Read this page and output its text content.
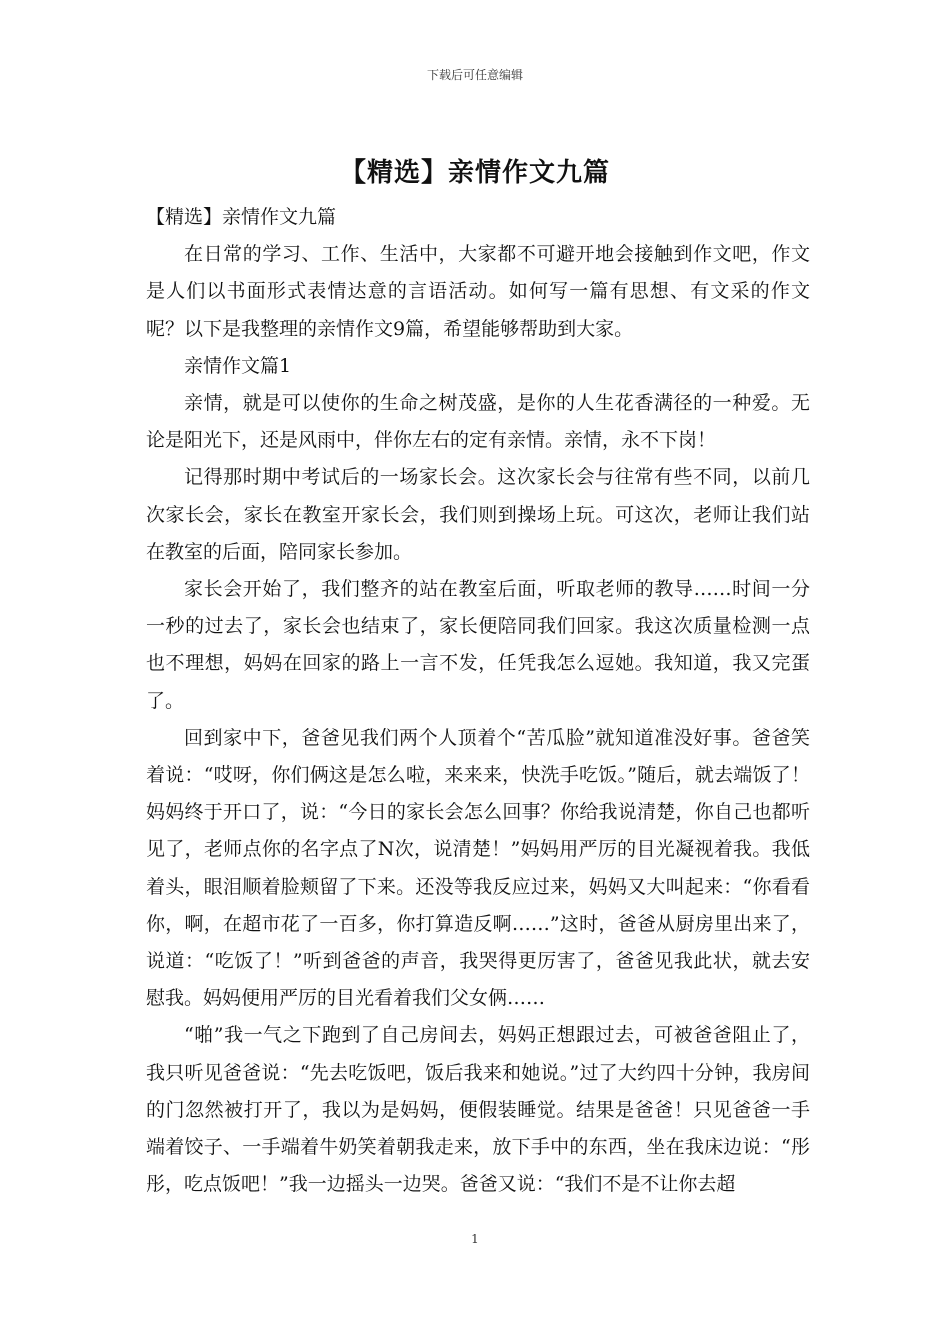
下载后可任意编辑
【精选】亲情作文九篇

【精选】亲情作文九篇

在日常的学习、工作、生活中，大家都不可避开地会接触到作文吧，作文是人们以书面形式表情达意的言语活动。如何写一篇有思想、有文采的作文呢？以下是我整理的亲情作文9篇，希望能够帮助到大家。

亲情作文篇1

亲情，就是可以使你的生命之树茂盛，是你的人生花香满径的一种爱。无论是阳光下，还是风雨中，伴你左右的定有亲情。亲情，永不下岗！

记得那时期中考试后的一场家长会。这次家长会与往常有些不同，以前几次家长会，家长在教室开家长会，我们则到操场上玩。可这次，老师让我们站在教室的后面，陪同家长参加。

家长会开始了，我们整齐的站在教室后面，听取老师的教导……时间一分一秒的过去了，家长会也结束了，家长便陪同我们回家。我这次质量检测一点也不理想，妈妈在回家的路上一言不发，任凭我怎么逗她。我知道，我又完蛋了。

回到家中下，爸爸见我们两个人顶着个“苦瓜脸”就知道准没好事。爸爸笑着说：“哎呀，你们俩这是怎么啦，来来来，快洗手吃饭。”随后，就去端饭了！妈妈终于开口了，说：“今日的家长会怎么回事？你给我说清楚，你自己也都听见了，老师点你的名字点了N次，说清楚！”妈妈用严厉的目光凝视着我。我低着头，眼泪顺着脸颊留了下来。还没等我反应过来，妈妈又大叫起来：“你看看你，啊，在超市花了一百多，你打算造反啊……”这时，爸爸从厨房里出来了，说道：“吃饭了！”听到爸爸的声音，我哭得更厉害了，爸爸见我此状，就去安慰我。妈妈便用严厉的目光看着我们父女俩……

“啪”我一气之下跑到了自己房间去，妈妈正想跟过去，可被爸爸阻止了，我只听见爸爸说：“先去吃饭吧，饭后我来和她说。”过了大约四十分钟，我房间的门忽然被打开了，我以为是妈妈，便假装睡觉。结果是爸爸！只见爸爸一手端着饺子、一手端着牛奶笑着朝我走来，放下手中的东西，坐在我床边说：“彤彤，吃点饭吧！”我一边摇头一边哭。爸爸又说：“我们不是不让你去超

1
